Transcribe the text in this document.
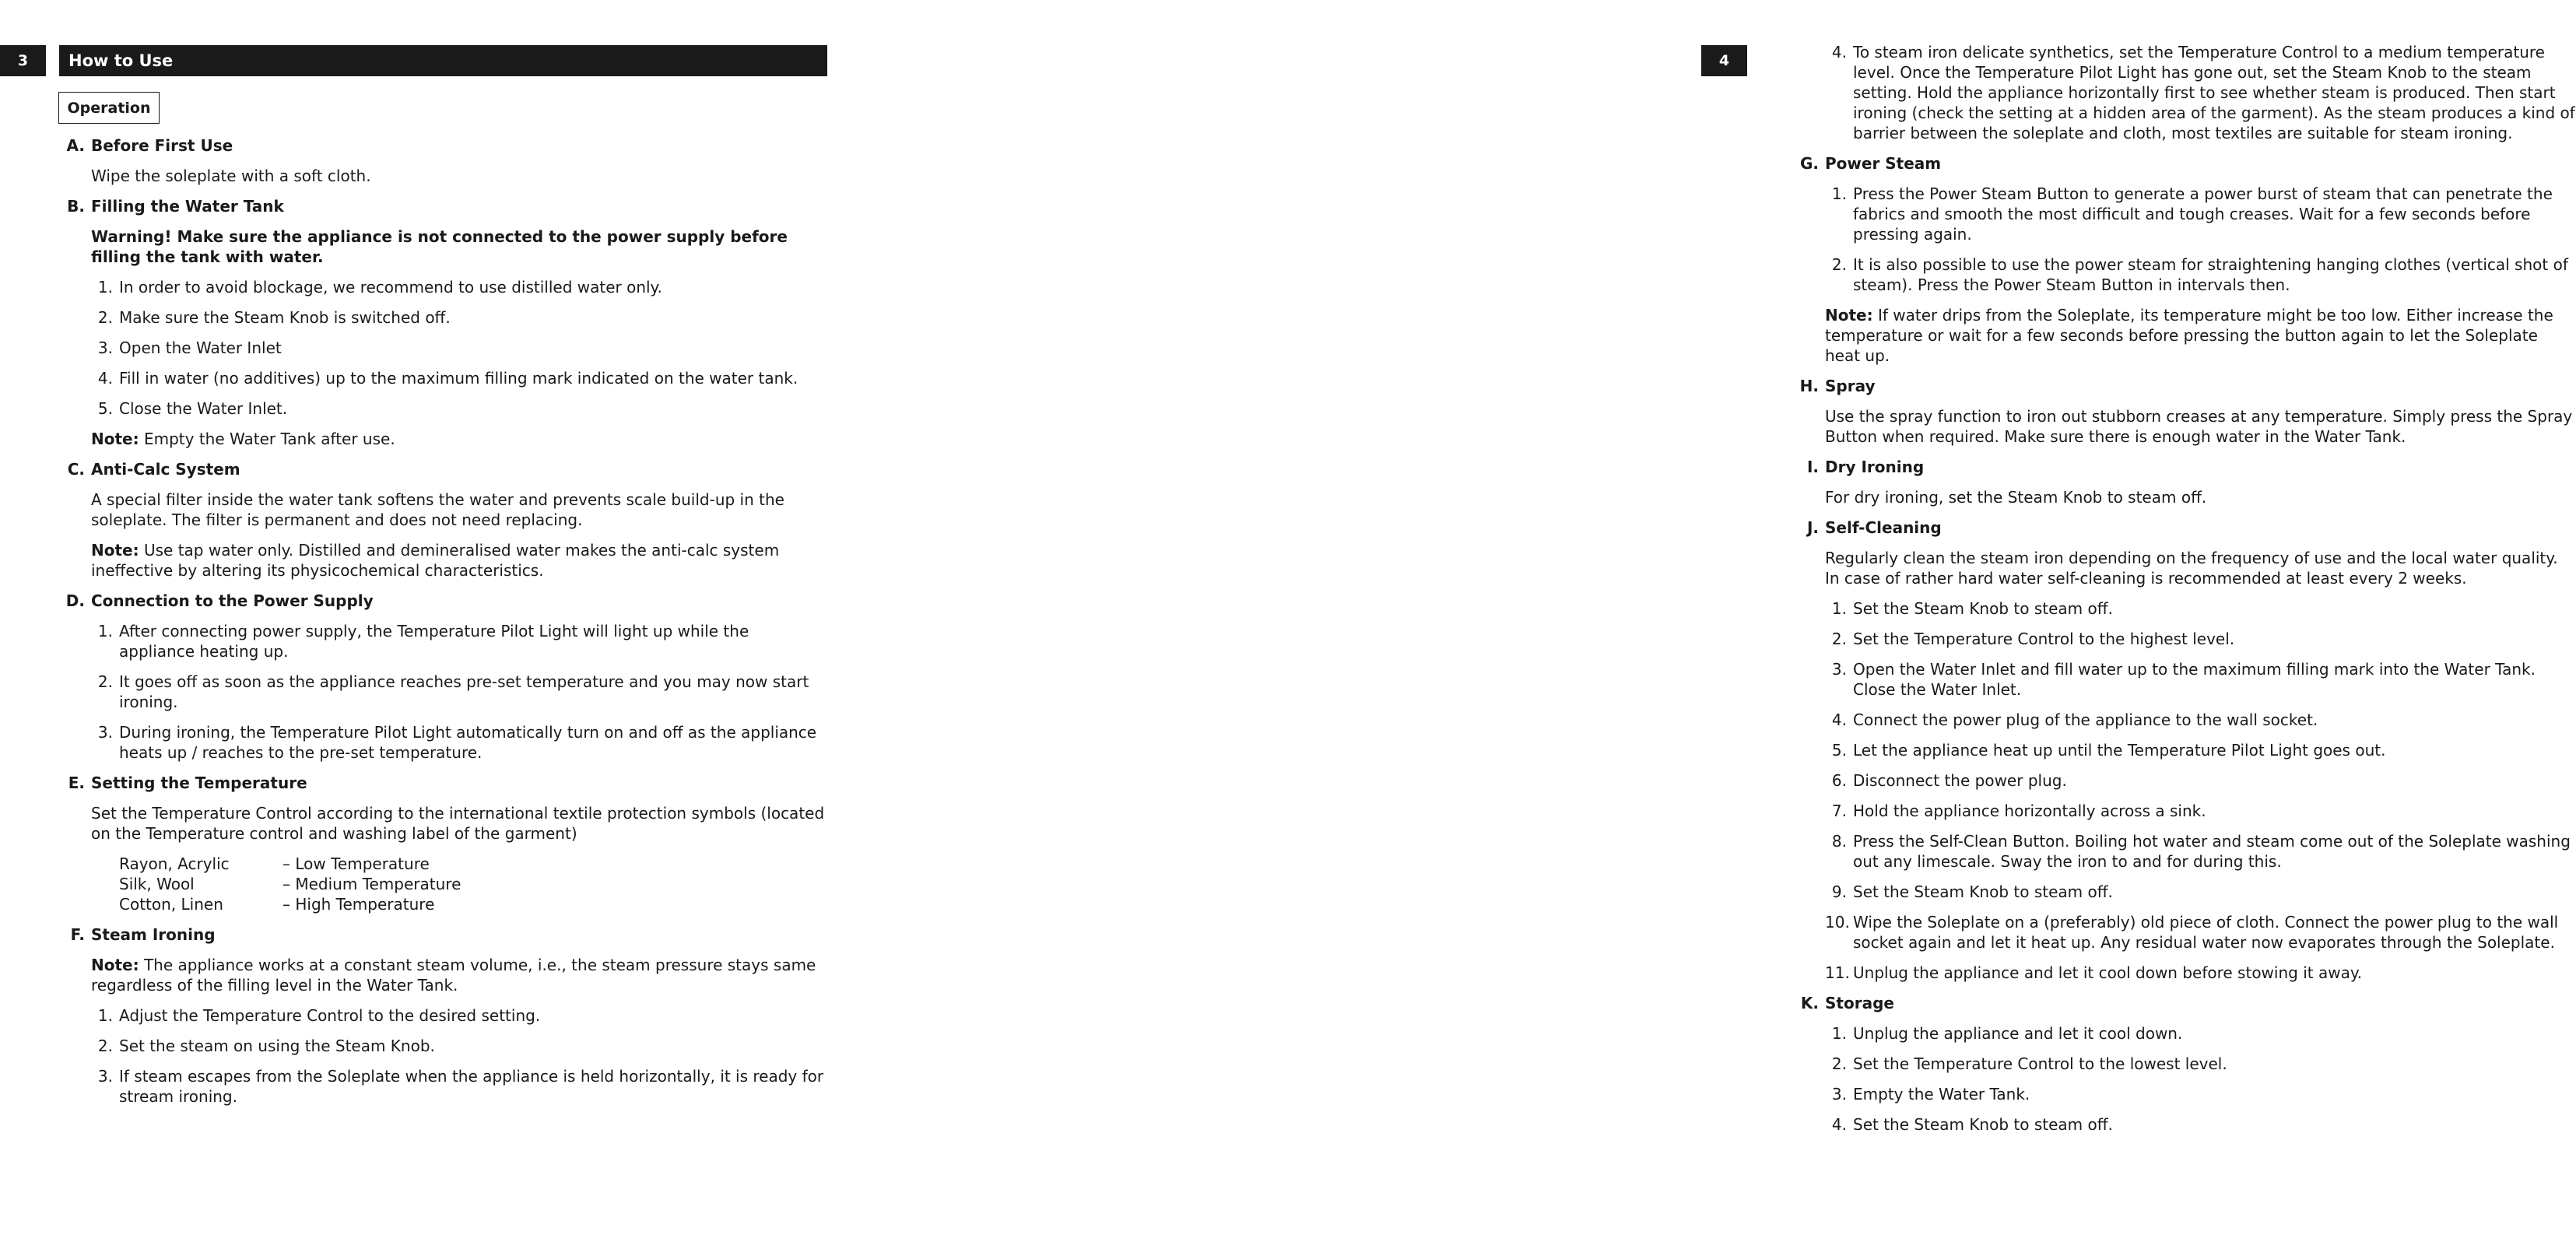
3	How to Use
Operation
A. Before First Use
Wipe the soleplate with a soft cloth.
B. Filling the Water Tank
Warning! Make sure the appliance is not connected to the power supply before filling the tank with water.
1. In order to avoid blockage, we recommend to use distilled water only.
2. Make sure the Steam Knob is switched off.
3. Open the Water Inlet
4. Fill in water (no additives) up to the maximum filling mark indicated on the water tank.
5. Close the Water Inlet.
Note: Empty the Water Tank after use.
C. Anti-Calc System
A special filter inside the water tank softens the water and prevents scale build-up in the soleplate. The filter is permanent and does not need replacing.
Note: Use tap water only. Distilled and demineralised water makes the anti-calc system ineffective by altering its physicochemical characteristics.
D. Connection to the Power Supply
1. After connecting power supply, the Temperature Pilot Light will light up while the appliance heating up.
2. It goes off as soon as the appliance reaches pre-set temperature and you may now start ironing.
3. During ironing, the Temperature Pilot Light automatically turn on and off as the appliance heats up / reaches to the pre-set temperature.
E. Setting the Temperature
Set the Temperature Control according to the international textile protection symbols (located on the Temperature control and washing label of the garment)
Rayon, Acrylic	– Low Temperature
Silk, Wool	– Medium Temperature
Cotton, Linen	– High Temperature
F. Steam Ironing
Note: The appliance works at a constant steam volume, i.e., the steam pressure stays same regardless of the filling level in the Water Tank.
1. Adjust the Temperature Control to the desired setting.
2. Set the steam on using the Steam Knob.
3. If steam escapes from the Soleplate when the appliance is held horizontally, it is ready for stream ironing.
4	4. To steam iron delicate synthetics, set the Temperature Control to a medium temperature level. Once the Temperature Pilot Light has gone out, set the Steam Knob to the steam setting. Hold the appliance horizontally first to see whether steam is produced. Then start ironing (check the setting at a hidden area of the garment). As the steam produces a kind of barrier between the soleplate and cloth, most textiles are suitable for steam ironing.
G. Power Steam
1. Press the Power Steam Button to generate a power burst of steam that can penetrate the fabrics and smooth the most difficult and tough creases. Wait for a few seconds before pressing again.
2. It is also possible to use the power steam for straightening hanging clothes (vertical shot of steam). Press the Power Steam Button in intervals then.
Note: If water drips from the Soleplate, its temperature might be too low. Either increase the temperature or wait for a few seconds before pressing the button again to let the Soleplate heat up.
H. Spray
Use the spray function to iron out stubborn creases at any temperature. Simply press the Spray Button when required. Make sure there is enough water in the Water Tank.
I. Dry Ironing
For dry ironing, set the Steam Knob to steam off.
J. Self-Cleaning
Regularly clean the steam iron depending on the frequency of use and the local water quality. In case of rather hard water self-cleaning is recommended at least every 2 weeks.
1. Set the Steam Knob to steam off.
2. Set the Temperature Control to the highest level.
3. Open the Water Inlet and fill water up to the maximum filling mark into the Water Tank. Close the Water Inlet.
4. Connect the power plug of the appliance to the wall socket.
5. Let the appliance heat up until the Temperature Pilot Light goes out.
6. Disconnect the power plug.
7. Hold the appliance horizontally across a sink.
8. Press the Self-Clean Button. Boiling hot water and steam come out of the Soleplate washing out any limescale. Sway the iron to and for during this.
9. Set the Steam Knob to steam off.
10. Wipe the Soleplate on a (preferably) old piece of cloth. Connect the power plug to the wall socket again and let it heat up. Any residual water now evaporates through the Soleplate.
11. Unplug the appliance and let it cool down before stowing it away.
K. Storage
1. Unplug the appliance and let it cool down.
2. Set the Temperature Control to the lowest level.
3. Empty the Water Tank.
4. Set the Steam Knob to steam off.
